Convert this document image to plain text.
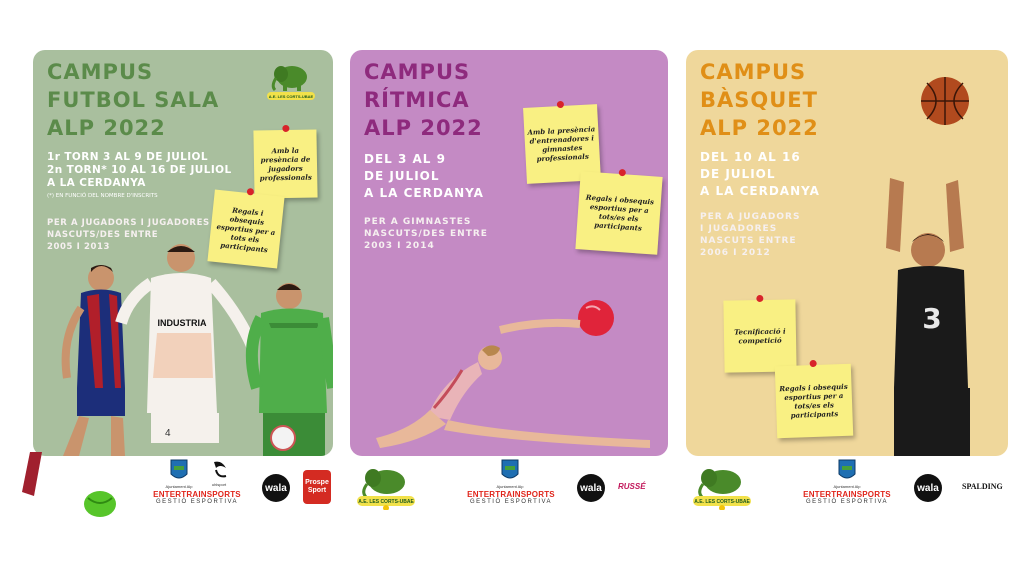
CAMPUS
FUTBOL SALA
ALP 2022
1r TORN 3 AL 9 DE JULIOL
2n TORN* 10 AL 16 DE JULIOL
A LA CERDANYA
(*) EN FUNCIÓ DEL NOMBRE D'INSCRITS
PER A JUGADORS I JUGADORES
NASCUTS/DES ENTRE
2005 I 2013
A.E. LES CORTS-UBAE
Amb la presència de jugadors professionals
Regals i obsequis esportius per a tots els participants
INDUSTRIA
4
Ajuntament Alp	uhlsport
ENTERTRAINSPORTS
GESTIÓ ESPORTIVA
wala	Prospe Sport
CAMPUS
RÍTMICA
ALP 2022
DEL 3 AL 9
DE JULIOL
A LA CERDANYA
PER A GIMNASTES
NASCUTS/DES ENTRE
2003 I 2014
Amb la presència d'entrenadores i gimnastes professionals
Regals i obsequis esportius per a tots/es els participants
A.E. LES CORTS-UBAE
Ajuntament Alp
ENTERTRAINSPORTS
GESTIÓ ESPORTIVA
wala RUSSÉ
CAMPUS
BÀSQUET
ALP 2022
DEL 10 AL 16
DE JULIOL
A LA CERDANYA
PER A JUGADORS
I JUGADORES
NASCUTS ENTRE
2006 I 2012
Tecnificació i competició
Regals i obsequis esportius per a tots/es els participants
3
A.E. LES CORTS-UBAE
Ajuntament Alp
ENTERTRAINSPORTS
GESTIÓ ESPORTIVA
wala	SPALDING
